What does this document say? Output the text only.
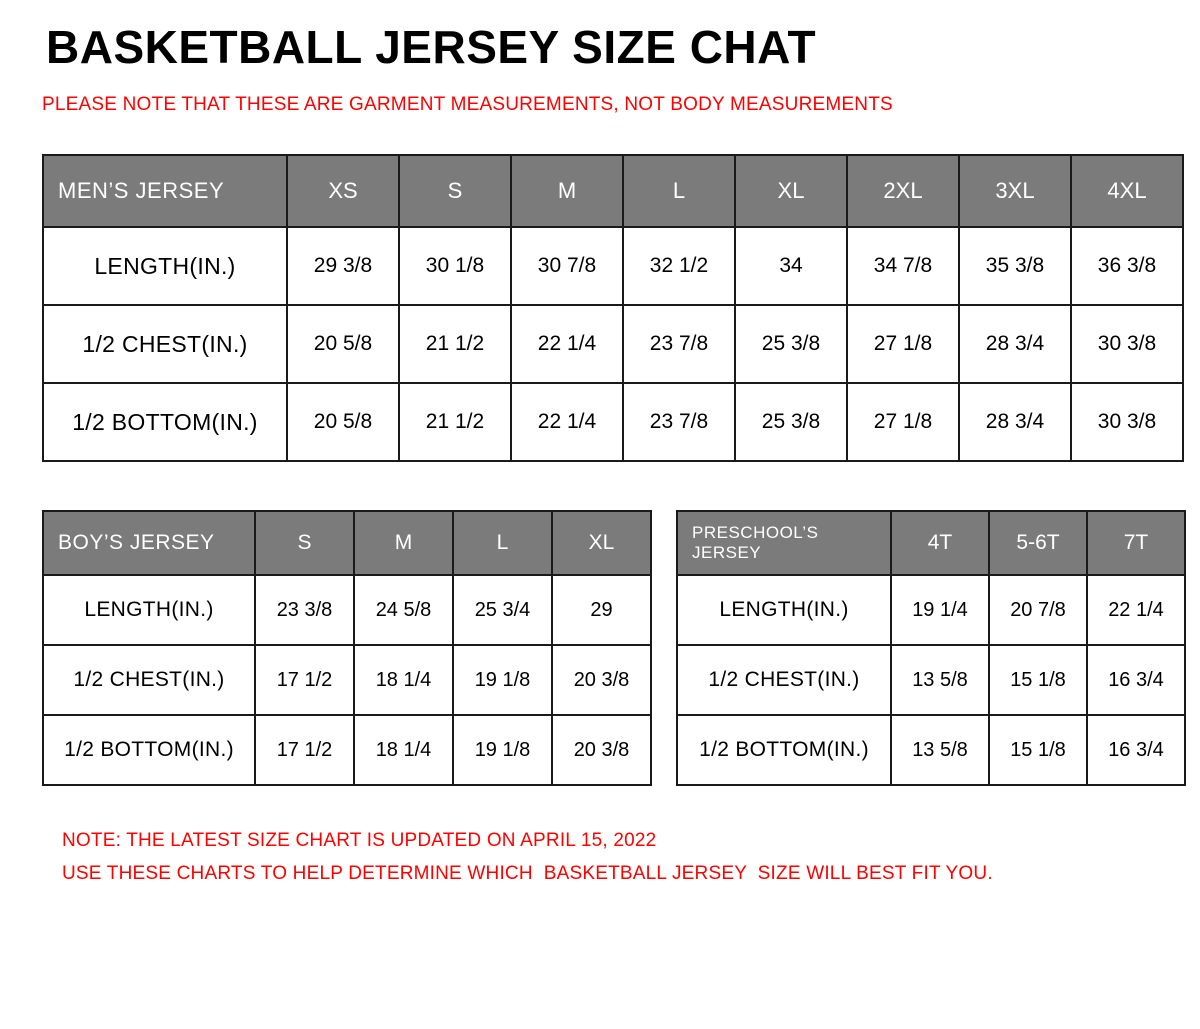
BASKETBALL JERSEY SIZE CHAT

PLEASE NOTE THAT THESE ARE GARMENT MEASUREMENTS, NOT BODY MEASUREMENTS

MEN’S JERSEY	XS	S	M	L	XL	2XL	3XL	4XL
LENGTH(IN.)	29 3/8	30 1/8	30 7/8	32 1/2	34	34 7/8	35 3/8	36 3/8
1/2 CHEST(IN.)	20 5/8	21 1/2	22 1/4	23 7/8	25 3/8	27 1/8	28 3/4	30 3/8
1/2 BOTTOM(IN.)	20 5/8	21 1/2	22 1/4	23 7/8	25 3/8	27 1/8	28 3/4	30 3/8
BOY’S JERSEY	S	M	L	XL
LENGTH(IN.)	23 3/8	24 5/8	25 3/4	29
1/2 CHEST(IN.)	17 1/2	18 1/4	19 1/8	20 3/8
1/2 BOTTOM(IN.)	17 1/2	18 1/4	19 1/8	20 3/8
PRESCHOOL’S JERSEY	4T	5-6T	7T
LENGTH(IN.)	19 1/4	20 7/8	22 1/4
1/2 CHEST(IN.)	13 5/8	15 1/8	16 3/4
1/2 BOTTOM(IN.)	13 5/8	15 1/8	16 3/4
NOTE: THE LATEST SIZE CHART IS UPDATED ON APRIL 15, 2022
USE THESE CHARTS TO HELP DETERMINE WHICH  BASKETBALL JERSEY  SIZE WILL BEST FIT YOU.
